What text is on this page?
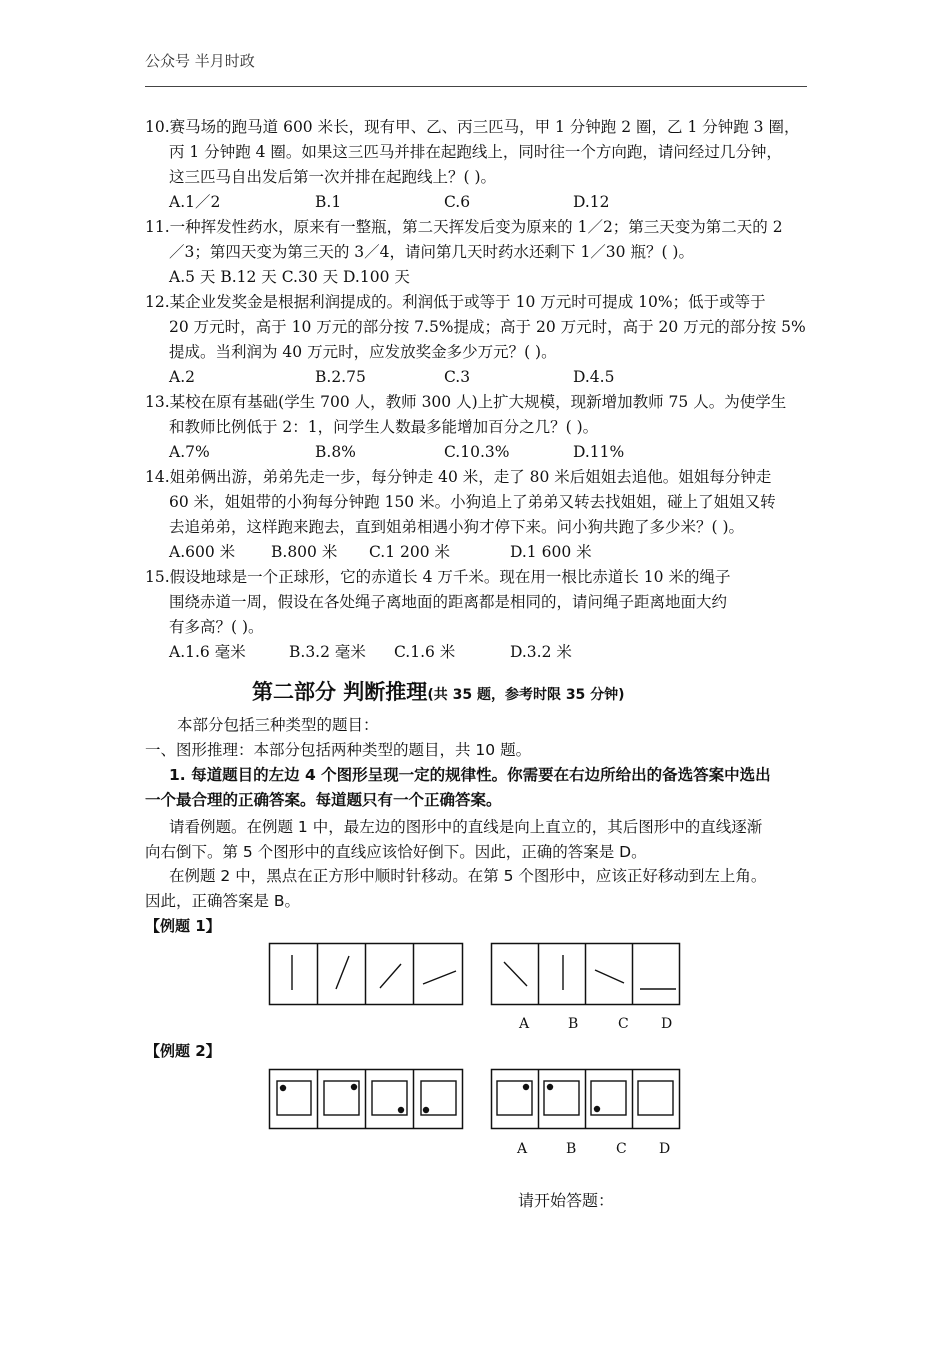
公众号 半月时政
10.赛马场的跑马道 600 米长，现有甲、乙、丙三匹马，甲 1 分钟跑 2 圈，乙 1 分钟跑 3 圈，
丙 1 分钟跑 4 圈。如果这三匹马并排在起跑线上，同时往一个方向跑，请问经过几分钟，
这三匹马自出发后第一次并排在起跑线上？( )。
A.1／2	B.1	C.6	D.12
11.一种挥发性药水，原来有一整瓶，第二天挥发后变为原来的 1／2；第三天变为第二天的 2
／3；第四天变为第三天的 3／4，请问第几天时药水还剩下 1／30 瓶？( )。
A.5 天 B.12 天 C.30 天 D.100 天
12.某企业发奖金是根据利润提成的。利润低于或等于 10 万元时可提成 10%；低于或等于
20 万元时，高于 10 万元的部分按 7.5%提成；高于 20 万元时，高于 20 万元的部分按 5%
提成。当利润为 40 万元时，应发放奖金多少万元？( )。
A.2	B.2.75	C.3	D.4.5
13.某校在原有基础(学生 700 人，教师 300 人)上扩大规模，现新增加教师 75 人。为使学生
和教师比例低于 2：1，问学生人数最多能增加百分之几？( )。
A.7%	B.8%	C.10.3%	D.11%
14.姐弟俩出游，弟弟先走一步，每分钟走 40 米，走了 80 米后姐姐去追他。姐姐每分钟走
60 米，姐姐带的小狗每分钟跑 150 米。小狗追上了弟弟又转去找姐姐，碰上了姐姐又转
去追弟弟，这样跑来跑去，直到姐弟相遇小狗才停下来。问小狗共跑了多少米？( )。
A.600 米 B.800 米 C.1 200 米	D.1 600 米
15.假设地球是一个正球形，它的赤道长 4 万千米。现在用一根比赤道长 10 米的绳子
围绕赤道一周，假设在各处绳子离地面的距离都是相同的，请问绳子距离地面大约
有多高？( )。
A.1.6 毫米	B.3.2 毫米 C.1.6 米	D.3.2 米
第二部分 判断推理(共 35 题，参考时限 35 分钟)
本部分包括三种类型的题目：
一、图形推理：本部分包括两种类型的题目，共 10 题。
1. 每道题目的左边 4 个图形呈现一定的规律性。你需要在右边所给出的备选答案中选出
一个最合理的正确答案。每道题只有一个正确答案。
请看例题。在例题 1 中，最左边的图形中的直线是向上直立的，其后图形中的直线逐渐
向右倒下。第 5 个图形中的直线应该恰好倒下。因此，正确的答案是 D。
在例题 2 中，黑点在正方形中顺时针移动。在第 5 个图形中，应该正好移动到左上角。
因此，正确答案是 B。
【例题 1】
A	B	C D
【例题 2】
A	B	C D
请开始答题：
